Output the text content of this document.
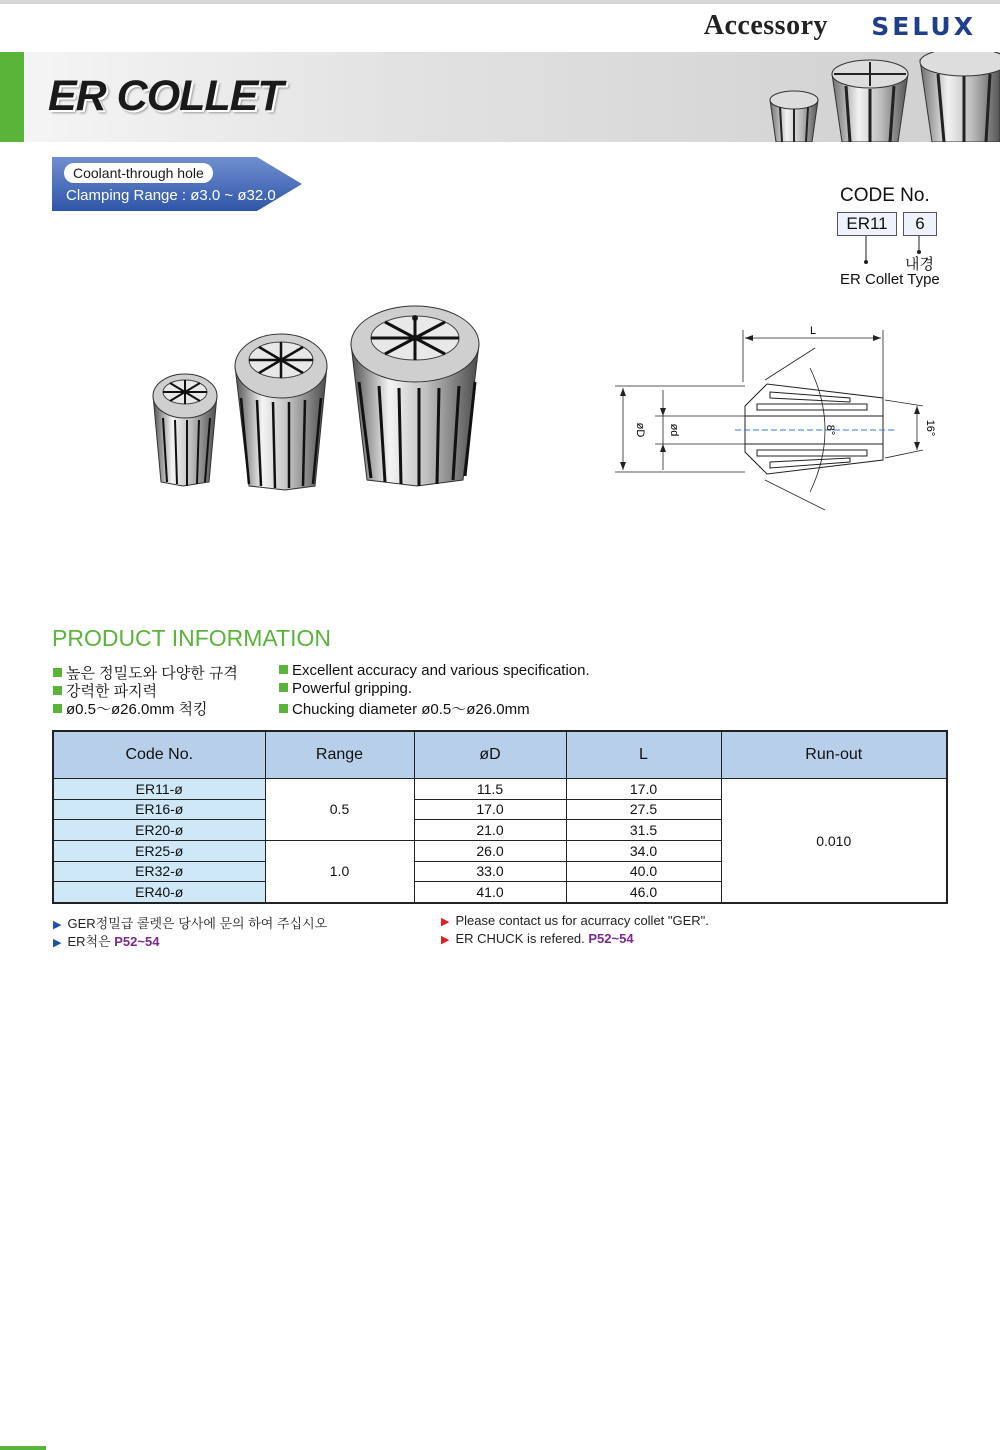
Accessory SELUX
ER COLLET
Coolant-through hole
Clamping Range : ø3.0 ~ ø32.0	CODE No.
ER11	6
내경
ER Collet Type
L
øD ød	8°	16°
PRODUCT INFORMATION
높은 정밀도와 다양한 규격
강력한 파지력
ø0.5～ø26.0mm 척킹
Excellent accuracy and various specification.
Powerful gripping.
Chucking diameter ø0.5～ø26.0mm
Code No.	Range	øD	L	Run-out
ER11-ø	0.5	11.5	17.0	0.010
ER16-ø		17.0	27.5	
ER20-ø		21.0	31.5	
ER25-ø	1.0	26.0	34.0	
ER32-ø		33.0	40.0	
ER40-ø		41.0	46.0	
▶ GER정밀급 콜렛은 당사에 문의 하여 주십시오
▶ ER척은 P52~54
▶ Please contact us for acurracy collet "GER".
▶ ER CHUCK is refered. P52~54
